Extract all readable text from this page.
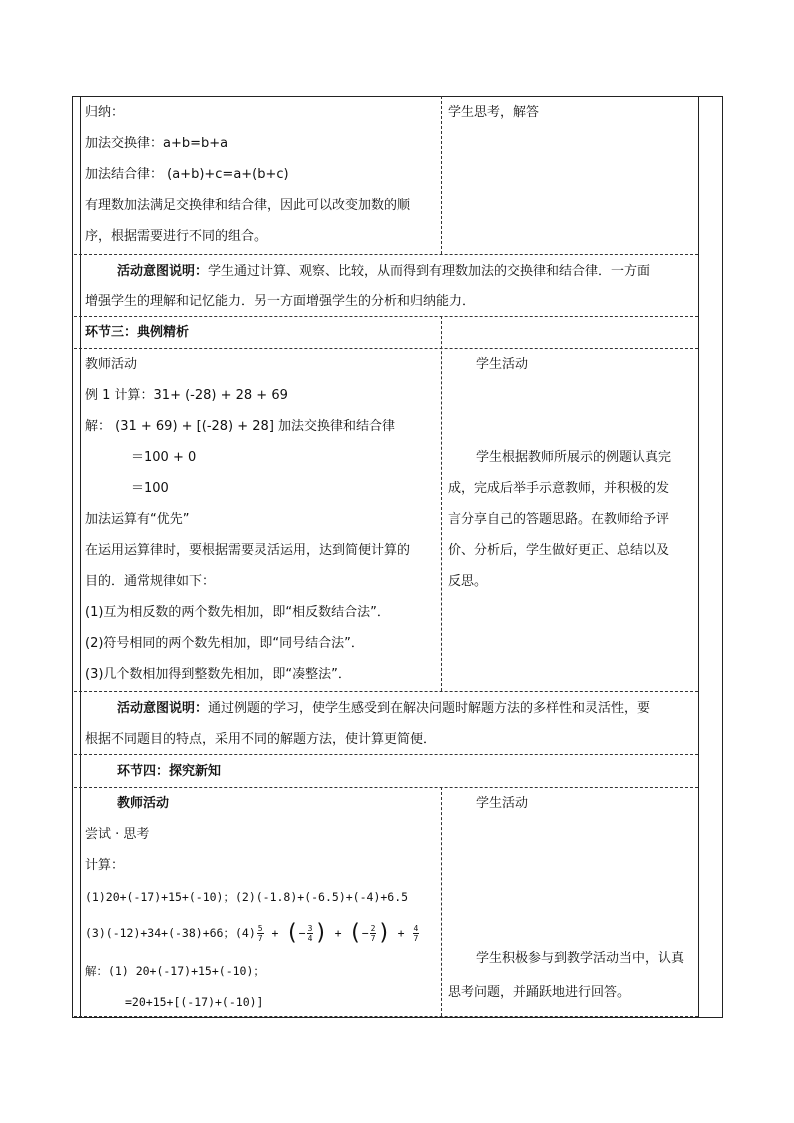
归纳：
加法交换律：a+b=b+a
加法结合律： (a+b)+c=a+(b+c)
有理数加法满足交换律和结合律，因此可以改变加数的顺
序，根据需要进行不同的组合。
学生思考，解答
活动意图说明：学生通过计算、观察、比较，从而得到有理数加法的交换律和结合律．一方面
增强学生的理解和记忆能力．另一方面增强学生的分析和归纳能力．
环节三：典例精析
教师活动
例 1 计算：31+ (-28) + 28 + 69
解： (31 + 69) + [(-28) + 28] 加法交换律和结合律
＝100 + 0
＝100
加法运算有“优先”
在运用运算律时，要根据需要灵活运用，达到简便计算的
目的．通常规律如下：
(1)互为相反数的两个数先相加，即“相反数结合法”．
(2)符号相同的两个数先相加，即“同号结合法”．
(3)几个数相加得到整数先相加，即“凑整法”．
学生活动
学生根据教师所展示的例题认真完
成，完成后举手示意教师，并积极的发
言分享自己的答题思路。在教师给予评
价、分析后，学生做好更正、总结以及
反思。
活动意图说明：通过例题的学习，使学生感受到在解决问题时解题方法的多样性和灵活性，要
根据不同题目的特点，采用不同的解题方法，使计算更简便．
环节四：探究新知
教师活动
尝试 · 思考
计算：
(1)20+(-17)+15+(-10)；(2)(-1.8)+(-6.5)+(-4)+6.5
(3)(-12)+34+(-38)+66；$(4) \frac{5}{7}$ + (− $\frac{3}{4}$ ) + (− $\frac{2}{7}$ ) + $\frac{4}{7}$
解：(1) 20+(-17)+15+(-10)；
=20+15+[(-17)+(-10)]
学生活动
学生积极参与到教学活动当中，认真
思考问题，并踊跃地进行回答。
